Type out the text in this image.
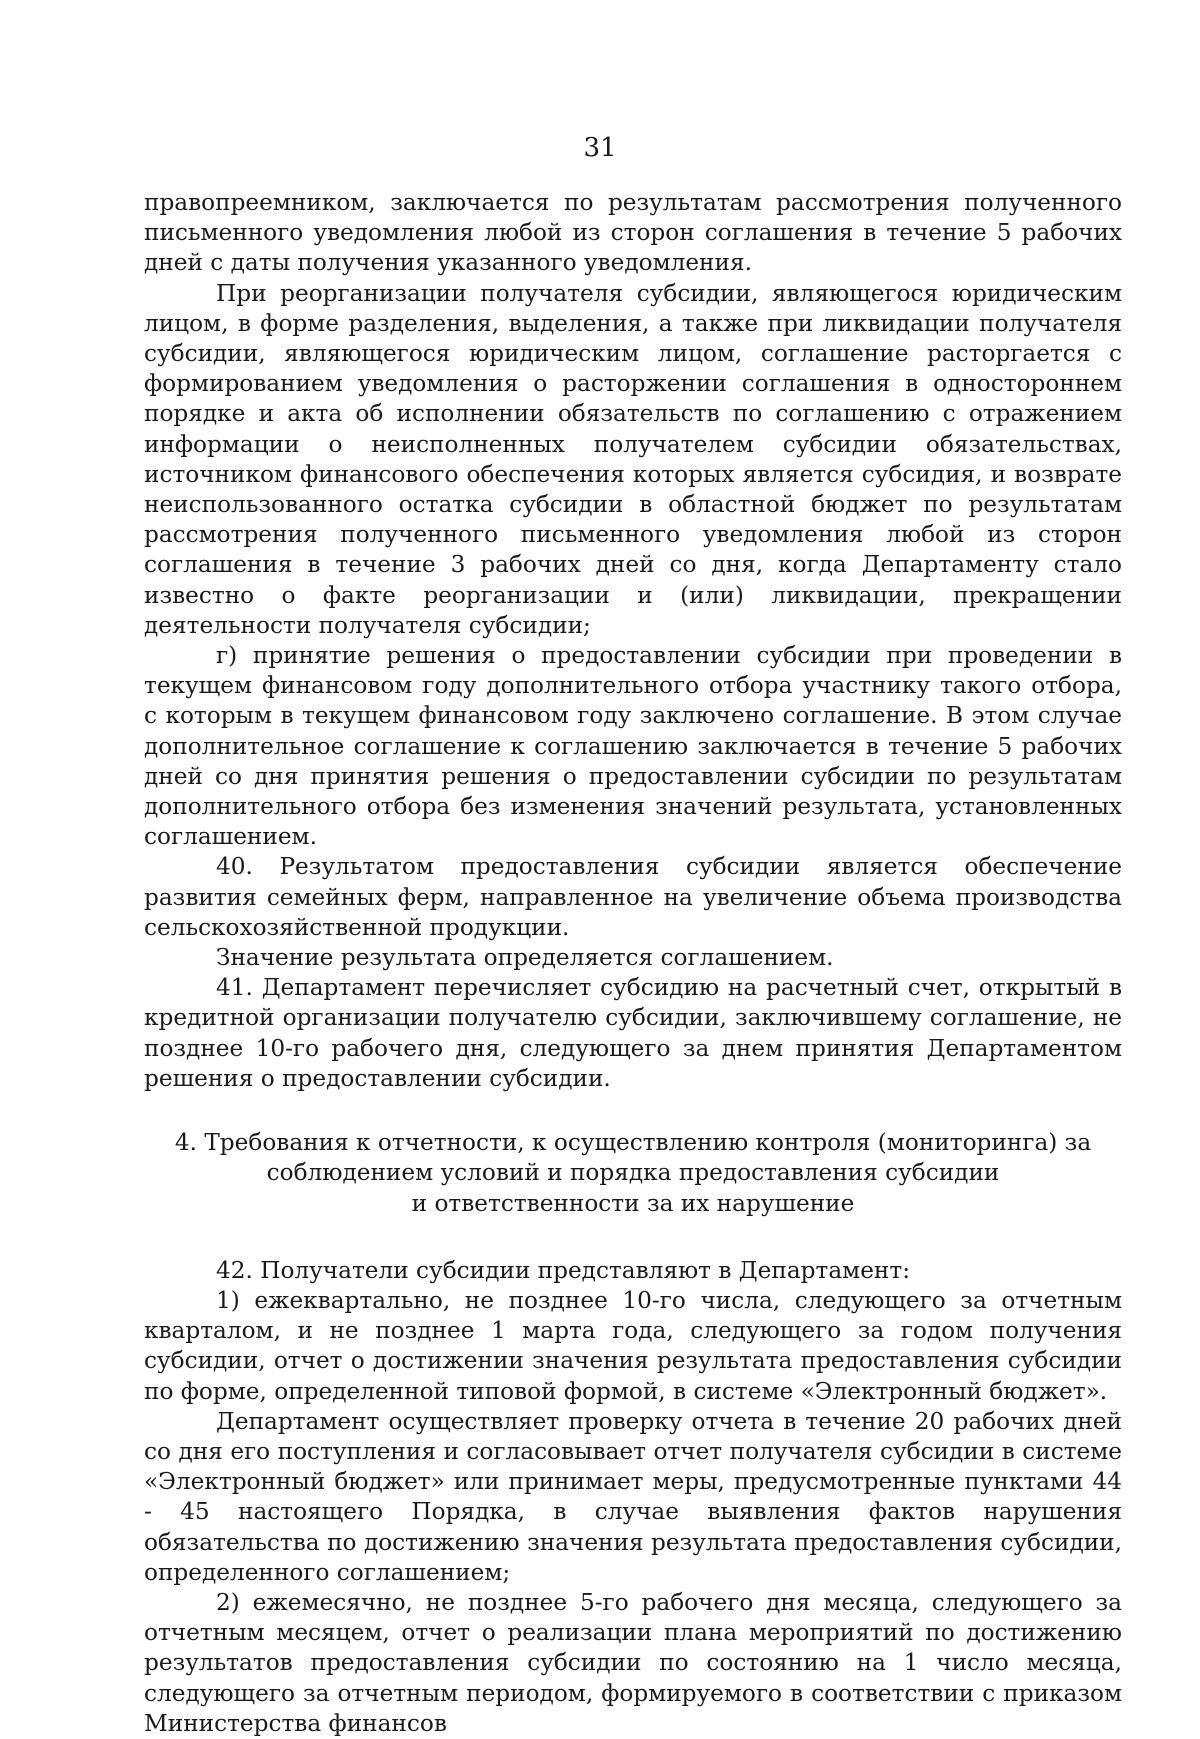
31

правопреемником, заключается по результатам рассмотрения полученного письменного уведомления любой из сторон соглашения в течение 5 рабочих дней с даты получения указанного уведомления.

При реорганизации получателя субсидии, являющегося юридическим лицом, в форме разделения, выделения, а также при ликвидации получателя субсидии, являющегося юридическим лицом, соглашение расторгается с формированием уведомления о расторжении соглашения в одностороннем порядке и акта об исполнении обязательств по соглашению с отражением информации о неисполненных получателем субсидии обязательствах, источником финансового обеспечения которых является субсидия, и возврате неиспользованного остатка субсидии в областной бюджет по результатам рассмотрения полученного письменного уведомления любой из сторон соглашения в течение 3 рабочих дней со дня, когда Департаменту стало известно о факте реорганизации и (или) ликвидации, прекращении деятельности получателя субсидии;

г) принятие решения о предоставлении субсидии при проведении в текущем финансовом году дополнительного отбора участнику такого отбора, с которым в текущем финансовом году заключено соглашение. В этом случае дополнительное соглашение к соглашению заключается в течение 5 рабочих дней со дня принятия решения о предоставлении субсидии по результатам дополнительного отбора без изменения значений результата, установленных соглашением.

40. Результатом предоставления субсидии является обеспечение развития семейных ферм, направленное на увеличение объема производства сельскохозяйственной продукции.

Значение результата определяется соглашением.

41. Департамент перечисляет субсидию на расчетный счет, открытый в кредитной организации получателю субсидии, заключившему соглашение, не позднее 10-го рабочего дня, следующего за днем принятия Департаментом решения о предоставлении субсидии.

4. Требования к отчетности, к осуществлению контроля (мониторинга) за
соблюдением условий и порядка предоставления субсидии
и ответственности за их нарушение

42. Получатели субсидии представляют в Департамент:

1) ежеквартально, не позднее 10-го числа, следующего за отчетным кварталом, и не позднее 1 марта года, следующего за годом получения субсидии, отчет о достижении значения результата предоставления субсидии по форме, определенной типовой формой, в системе «Электронный бюджет».

Департамент осуществляет проверку отчета в течение 20 рабочих дней со дня его поступления и согласовывает отчет получателя субсидии в системе «Электронный бюджет» или принимает меры, предусмотренные пунктами 44 - 45 настоящего Порядка, в случае выявления фактов нарушения обязательства по достижению значения результата предоставления субсидии, определенного соглашением;

2) ежемесячно, не позднее 5-го рабочего дня месяца, следующего за отчетным месяцем, отчет о реализации плана мероприятий по достижению результатов предоставления субсидии по состоянию на 1 число месяца, следующего за отчетным периодом, формируемого в соответствии с приказом Министерства финансов
